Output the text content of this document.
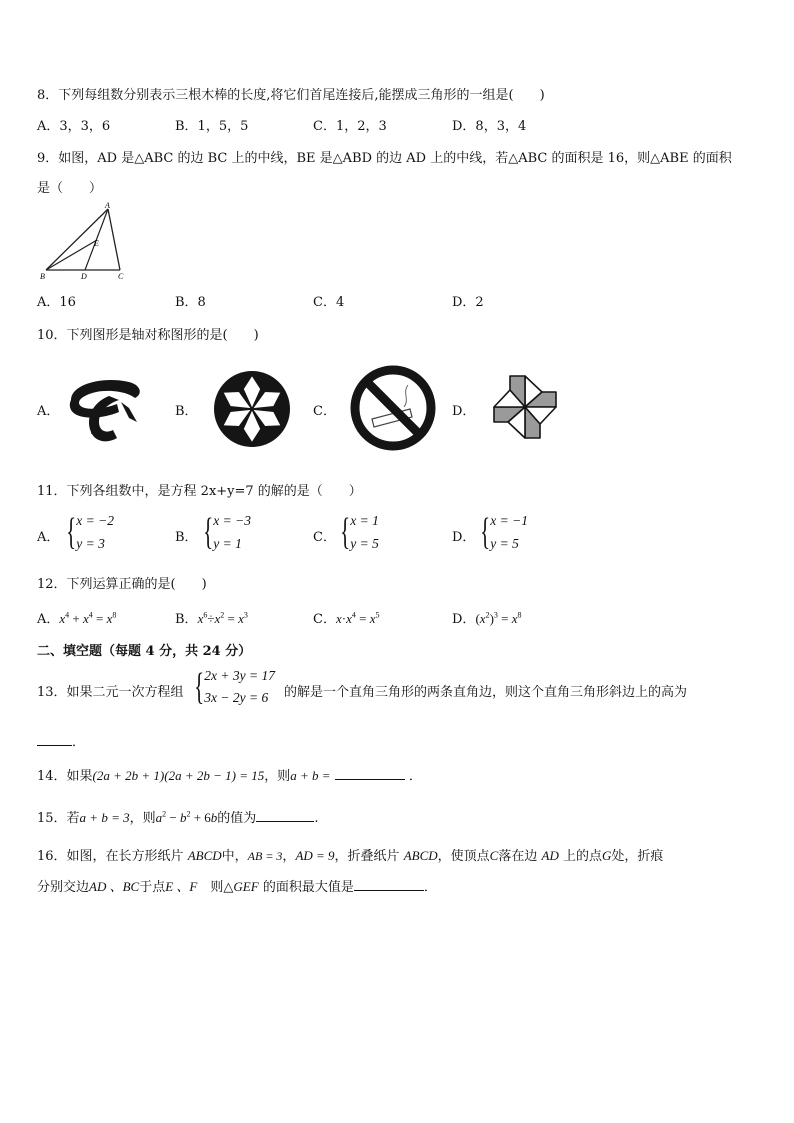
8．下列每组数分别表示三根木棒的长度,将它们首尾连接后,能摆成三角形的一组是(　　)
A．3，3，6	B．1，5，5	C．1，2，3	D．8，3，4
9．如图，AD 是△ABC 的边 BC 上的中线，BE 是△ABD 的边 AD 上的中线，若△ABC 的面积是 16，则△ABE 的面积
是（　　）
A
E
B	D	C
A．16	B．8	C．4	D．2
10．下列图形是轴对称图形的是(　　)
A．	B．	C．	D．
11．下列各组数中，是方程 2x+y=7 的解的是（　　）
A． { x = −2
y = 3	B． { x = −3
y = 1	C． { x = 1
y = 5	D． { x = −1
y = 5
12．下列运算正确的是(　　)
A．$x^4 + x^4 = x^8$	B．$x^6\div x^2 = x^3$	C．$x\cdot x^4 = x^5$	D．$(x^2)^3 = x^8$
二、填空题（每题 4 分，共 24 分）
13．如果二元一次方程组 { 2x + 3y = 17
3x − 2y = 6	的解是一个直角三角形的两条直角边，则这个直角三角形斜边上的高为
．
14．如果(2a + 2b + 1)(2a + 2b − 1) = 15，则a + b =	．
15．若a + b = 3，则$a^2 - b^2 + 6b$的值为	.
16．如图，在长方形纸片 ABCD中，AB = 3，AD = 9，折叠纸片 ABCD，使顶点C落在边 AD 上的点G处，折痕
分别交边AD 、BC于点E 、F　 则△GEF 的面积最大值是	．
